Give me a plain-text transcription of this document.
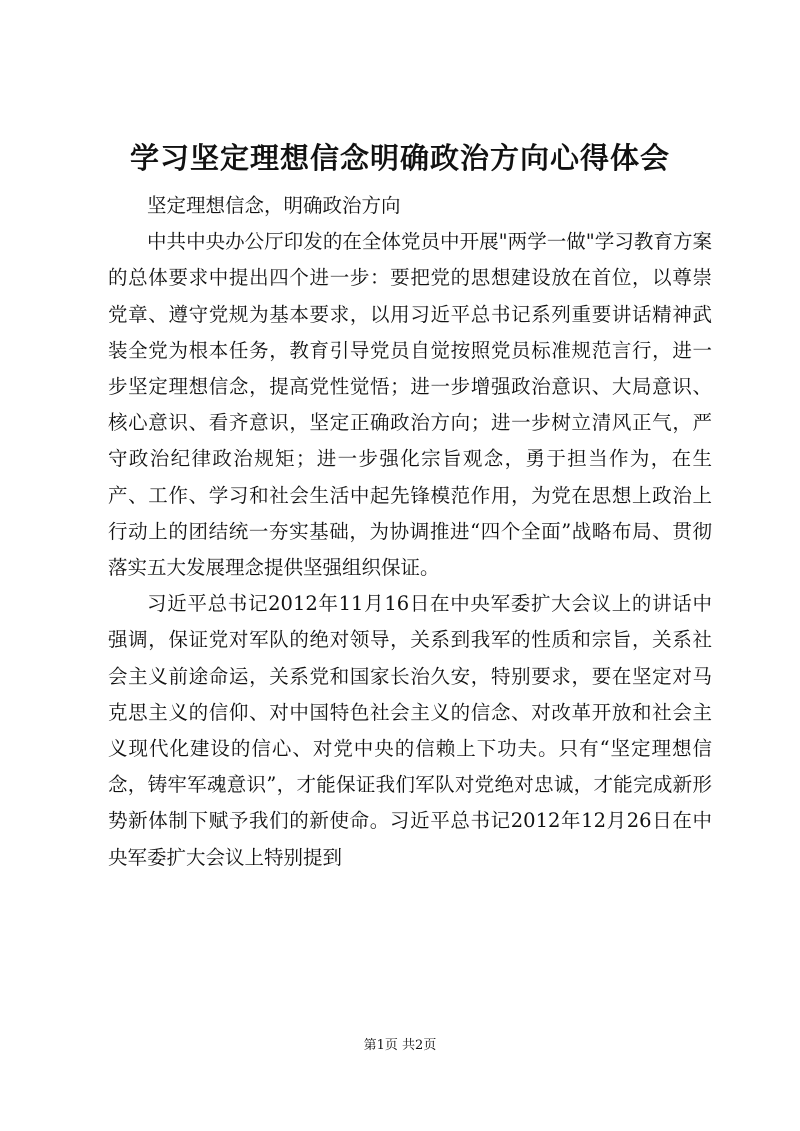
学习坚定理想信念明确政治方向心得体会

坚定理想信念，明确政治方向

中共中央办公厅印发的在全体党员中开展"两学一做"学习教育方案的总体要求中提出四个进一步：要把党的思想建设放在首位，以尊崇党章、遵守党规为基本要求，以用习近平总书记系列重要讲话精神武装全党为根本任务，教育引导党员自觉按照党员标准规范言行，进一步坚定理想信念，提高党性觉悟；进一步增强政治意识、大局意识、核心意识、看齐意识，坚定正确政治方向；进一步树立清风正气，严守政治纪律政治规矩；进一步强化宗旨观念，勇于担当作为，在生产、工作、学习和社会生活中起先锋模范作用，为党在思想上政治上行动上的团结统一夯实基础，为协调推进“四个全面”战略布局、贯彻落实五大发展理念提供坚强组织保证。

习近平总书记2012年11月16日在中央军委扩大会议上的讲话中强调，保证党对军队的绝对领导，关系到我军的性质和宗旨，关系社会主义前途命运，关系党和国家长治久安，特别要求，要在坚定对马克思主义的信仰、对中国特色社会主义的信念、对改革开放和社会主义现代化建设的信心、对党中央的信赖上下功夫。只有“坚定理想信念，铸牢军魂意识”，才能保证我们军队对党绝对忠诚，才能完成新形势新体制下赋予我们的新使命。习近平总书记2012年12月26日在中央军委扩大会议上特别提到

第1页 共2页
